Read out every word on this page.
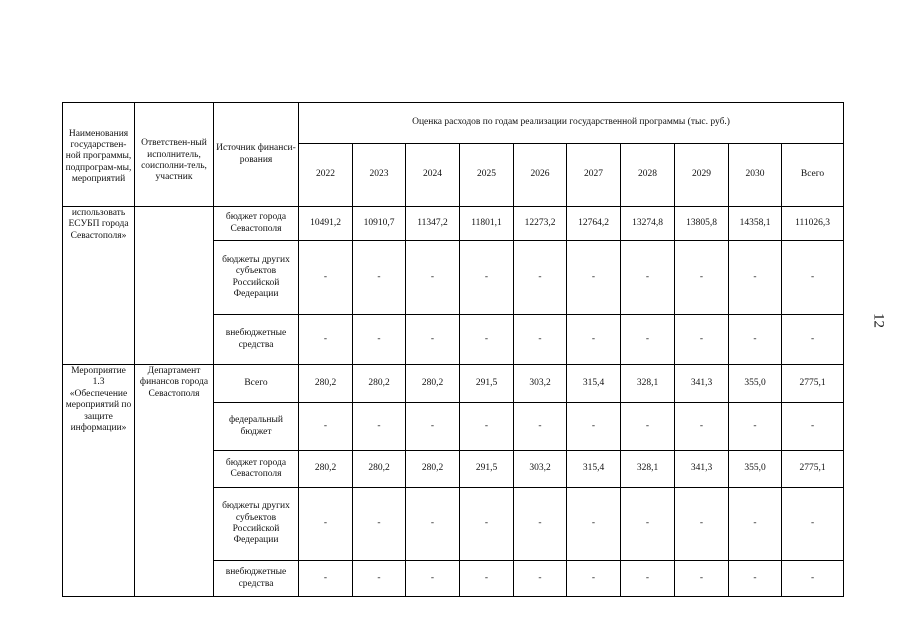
Наименования государствен-ной программы, подпрограм-мы, мероприятий	Ответствен-ный исполнитель, соисполни-тель, участник	Источник финанси-рования	Оценка расходов по годам реализации государственной программы (тыс. руб.)									
			2022	2023	2024	2025	2026	2027	2028	2029	2030	Всего
использовать ЕСУБП города Севастополя»		бюджет города Севастополя	10491,2	10910,7	11347,2	11801,1	12273,2	12764,2	13274,8	13805,8	14358,1	111026,3
		бюджеты других субъектов Российской Федерации	-	-	-	-	-	-	-	-	-	-
		внебюджетные средства	-	-	-	-	-	-	-	-	-	-
Мероприятие 1.3 «Обеспечение мероприятий по защите информации»	Департамент финансов города Севастополя	Всего	280,2	280,2	280,2	291,5	303,2	315,4	328,1	341,3	355,0	2775,1
		федеральный бюджет	-	-	-	-	-	-	-	-	-	-
		бюджет города Севастополя	280,2	280,2	280,2	291,5	303,2	315,4	328,1	341,3	355,0	2775,1
		бюджеты других субъектов Российской Федерации	-	-	-	-	-	-	-	-	-	-
		внебюджетные средства	-	-	-	-	-	-	-	-	-	-
12
